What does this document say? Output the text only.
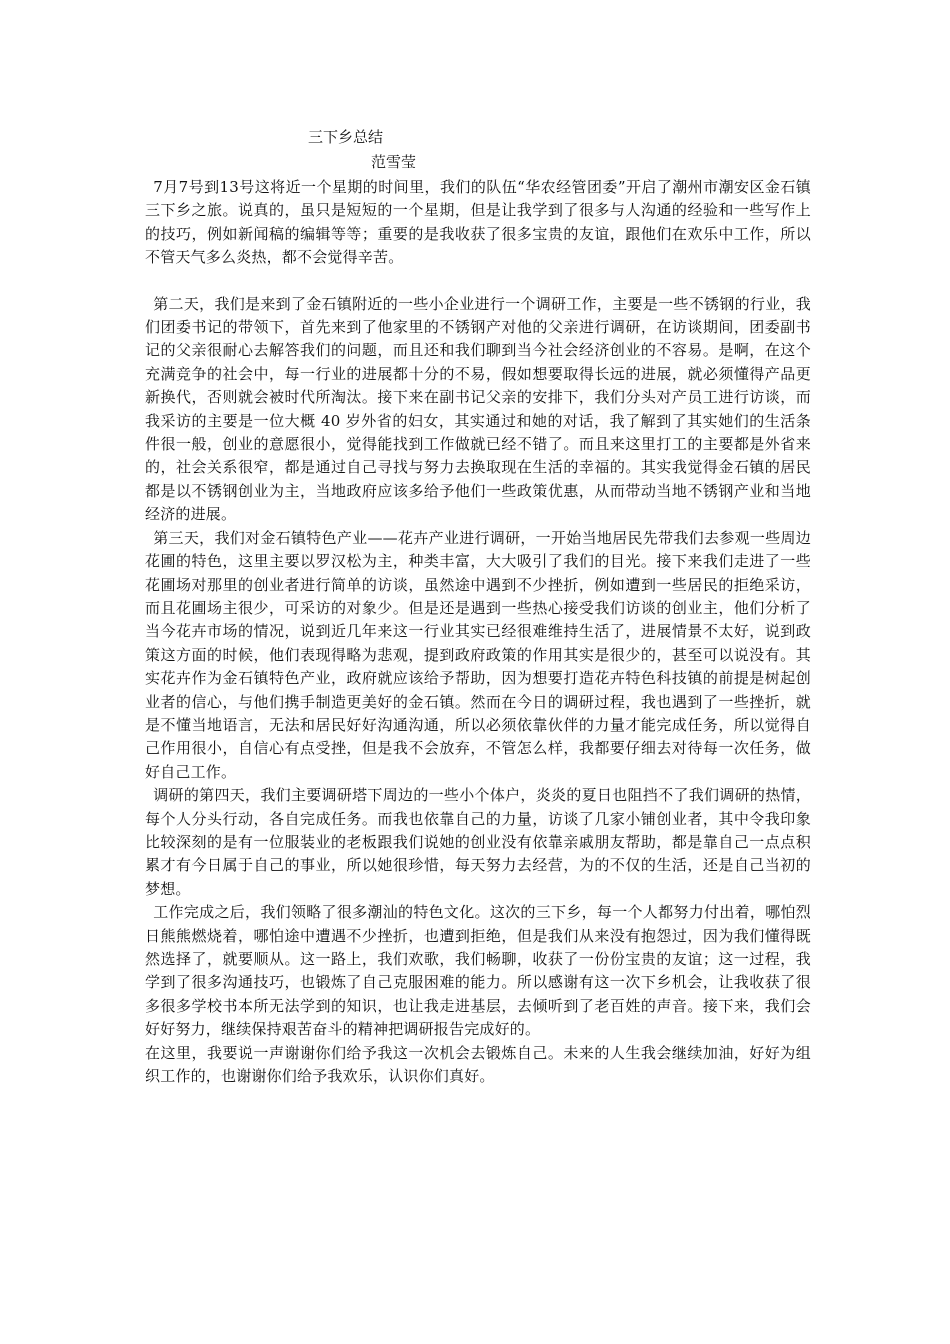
三下乡总结
范雪莹

7月7号到13号这将近一个星期的时间里，我们的队伍“华农经管团委”开启了潮州市潮安区金石镇三下乡之旅。说真的，虽只是短短的一个星期，但是让我学到了很多与人沟通的经验和一些写作上的技巧，例如新闻稿的编辑等等；重要的是我收获了很多宝贵的友谊，跟他们在欢乐中工作，所以不管天气多么炎热，都不会觉得辛苦。

第二天，我们是来到了金石镇附近的一些小企业进行一个调研工作，主要是一些不锈钢的行业，我们团委书记的带领下，首先来到了他家里的不锈钢产对他的父亲进行调研，在访谈期间，团委副书记的父亲很耐心去解答我们的问题，而且还和我们聊到当今社会经济创业的不容易。是啊，在这个充满竞争的社会中，每一行业的进展都十分的不易，假如想要取得长远的进展，就必须懂得产品更新换代，否则就会被时代所淘汰。接下来在副书记父亲的安排下，我们分头对产员工进行访谈，而我采访的主要是一位大概 40 岁外省的妇女，其实通过和她的对话，我了解到了其实她们的生活条件很一般，创业的意愿很小，觉得能找到工作做就已经不错了。而且来这里打工的主要都是外省来的，社会关系很窄，都是通过自己寻找与努力去换取现在生活的幸福的。其实我觉得金石镇的居民都是以不锈钢创业为主，当地政府应该多给予他们一些政策优惠，从而带动当地不锈钢产业和当地经济的进展。

第三天，我们对金石镇特色产业——花卉产业进行调研，一开始当地居民先带我们去参观一些周边花圃的特色，这里主要以罗汉松为主，种类丰富，大大吸引了我们的目光。接下来我们走进了一些花圃场对那里的创业者进行简单的访谈，虽然途中遇到不少挫折，例如遭到一些居民的拒绝采访，而且花圃场主很少，可采访的对象少。但是还是遇到一些热心接受我们访谈的创业主，他们分析了当今花卉市场的情况，说到近几年来这一行业其实已经很难维持生活了，进展情景不太好，说到政策这方面的时候，他们表现得略为悲观，提到政府政策的作用其实是很少的，甚至可以说没有。其实花卉作为金石镇特色产业，政府就应该给予帮助，因为想要打造花卉特色科技镇的前提是树起创业者的信心，与他们携手制造更美好的金石镇。然而在今日的调研过程，我也遇到了一些挫折，就是不懂当地语言，无法和居民好好沟通沟通，所以必须依靠伙伴的力量才能完成任务，所以觉得自己作用很小，自信心有点受挫，但是我不会放弃，不管怎么样，我都要仔细去对待每一次任务，做好自己工作。

调研的第四天，我们主要调研塔下周边的一些小个体户，炎炎的夏日也阻挡不了我们调研的热情，每个人分头行动，各自完成任务。而我也依靠自己的力量，访谈了几家小铺创业者，其中令我印象比较深刻的是有一位服装业的老板跟我们说她的创业没有依靠亲戚朋友帮助，都是靠自己一点点积累才有今日属于自己的事业，所以她很珍惜，每天努力去经营，为的不仅的生活，还是自己当初的梦想。

工作完成之后，我们领略了很多潮汕的特色文化。这次的三下乡，每一个人都努力付出着，哪怕烈日熊熊燃烧着，哪怕途中遭遇不少挫折，也遭到拒绝，但是我们从来没有抱怨过，因为我们懂得既然选择了，就要顺从。这一路上，我们欢歌，我们畅聊，收获了一份份宝贵的友谊；这一过程，我学到了很多沟通技巧，也锻炼了自己克服困难的能力。所以感谢有这一次下乡机会，让我收获了很多很多学校书本所无法学到的知识，也让我走进基层，去倾听到了老百姓的声音。接下来，我们会好好努力，继续保持艰苦奋斗的精神把调研报告完成好的。

在这里，我要说一声谢谢你们给予我这一次机会去锻炼自己。未来的人生我会继续加油，好好为组织工作的，也谢谢你们给予我欢乐，认识你们真好。
